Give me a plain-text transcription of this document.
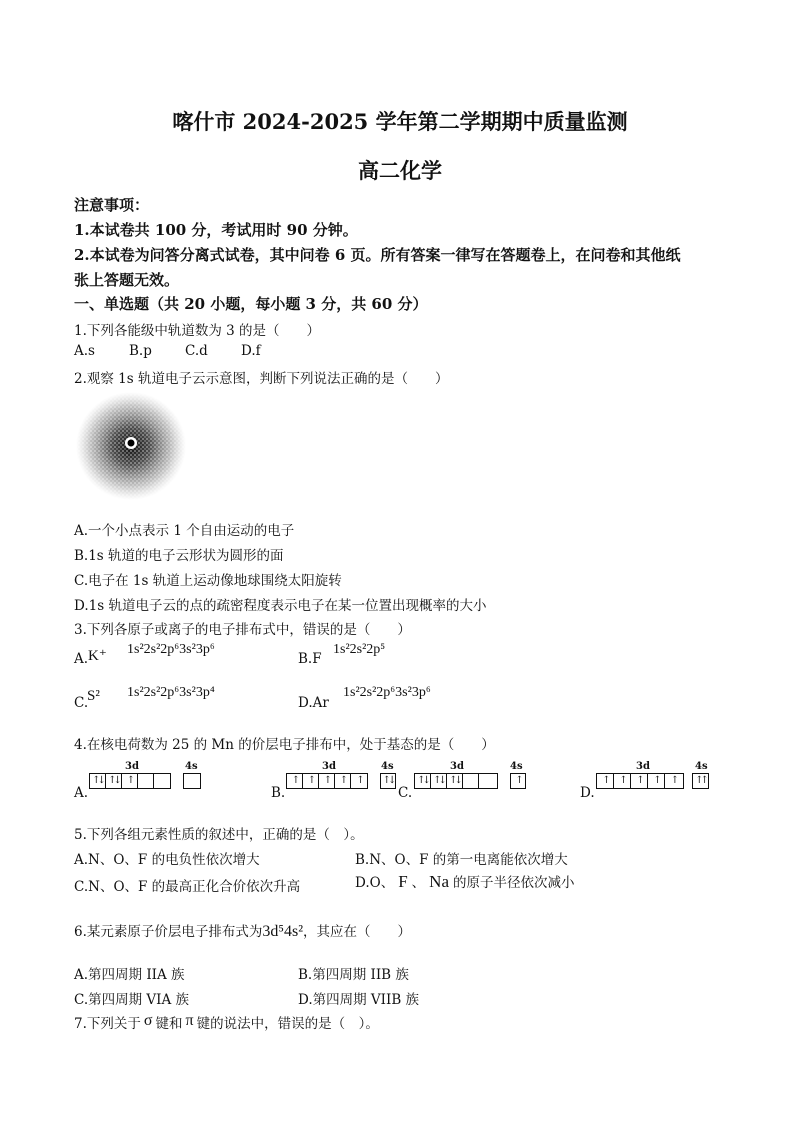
喀什市 2024-2025 学年第二学期期中质量监测
高二化学
注意事项：
1.本试卷共 100 分，考试用时 90 分钟。
2.本试卷为问答分离式试卷，其中问卷 6 页。所有答案一律写在答题卷上，在问卷和其他纸
张上答题无效。
一、单选题（共 20 小题，每小题 3 分，共 60 分）
1.下列各能级中轨道数为 3 的是（　　）
A.s	B.p C.d D.f
2.观察 1s 轨道电子云示意图，判断下列说法正确的是（　　）
A.一个小点表示 1 个自由运动的电子
B.1s 轨道的电子云形状为圆形的面
C.电子在 1s 轨道上运动像地球围绕太阳旋转
D.1s 轨道电子云的点的疏密程度表示电子在某一位置出现概率的大小
3.下列各原子或离子的电子排布式中，错误的是（　　）
A. K⁺ 1s²2s²2p⁶3s²3p⁶
B.F
1s²2s²2p⁵
C.
S² 1s²2s²2p⁶3s²3p⁴
D.Ar
1s²2s²2p⁶3s²3p⁶
4.在核电荷数为 25 的 Mn 的价层电子排布中，处于基态的是（　　）
A.
3d	4s
↑↓ ↑↓ ↑
B.
3d	4s
↑	↑	↑	↑	↑	↑↓
C.
3d	4s
↑↓ ↑↓ ↑↓	↑
D.
3d	4s
↑	↑	↑	↑	↑	↑↑
5.下列各组元素性质的叙述中，正确的是（　）。
A.N、O、F 的电负性依次增大	B.N、O、F 的第一电离能依次增大
C.N、O、F 的最高正化合价依次升高	D.O、 F 、 Na 的原子半径依次减小
6.某元素原子价层电子排布式为3d⁵4s²，其应在（　　）
A.第四周期 IIA 族	B.第四周期 IIB 族
C.第四周期 VIA 族	D.第四周期 VIIB 族
7.下列关于 σ 键和 π 键的说法中，错误的是（　）。
